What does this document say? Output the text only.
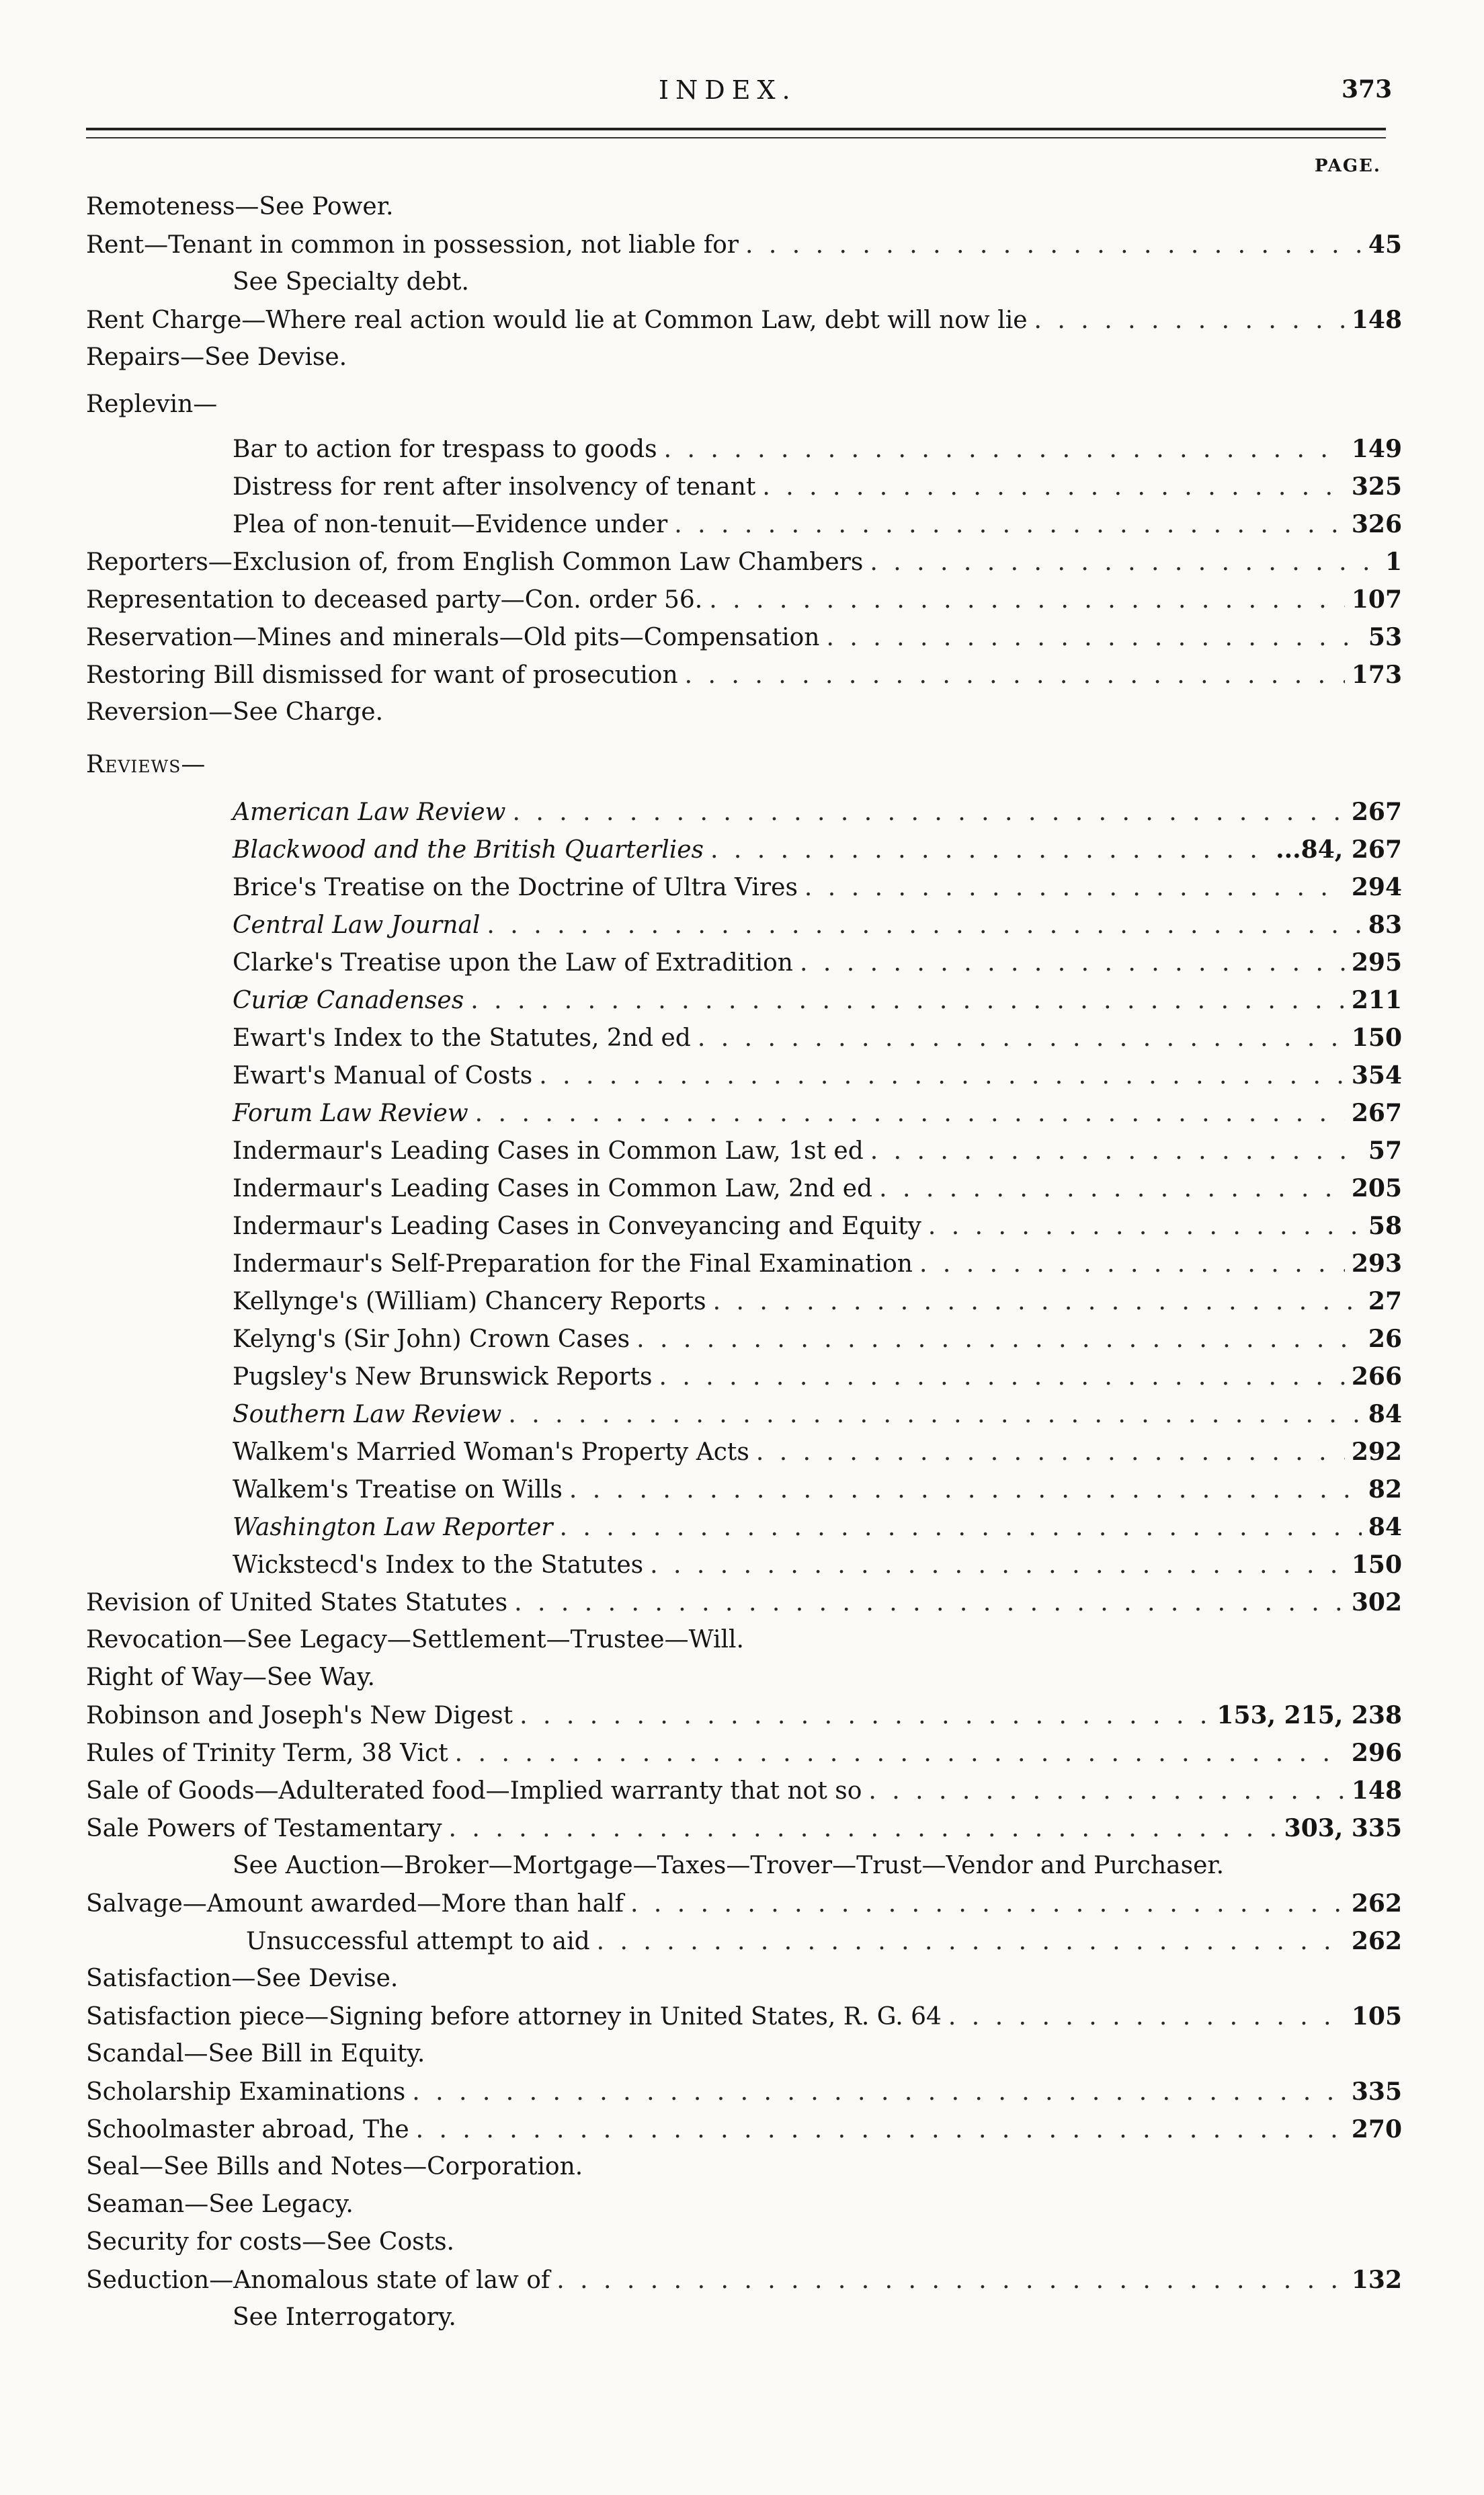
INDEX.	373
PAGE.
Remoteness—See Power.
Rent—Tenant in common in possession, not liable for . . .	45
See Specialty debt.
Rent Charge—Where real action would lie at Common Law, debt will now lie . . .	148
Repairs—See Devise.
Replevin—
Bar to action for trespass to goods . . .	149
Distress for rent after insolvency of tenant . . .	325
Plea of non-tenuit—Evidence under . . .	326
Reporters—Exclusion of, from English Common Law Chambers . . .	1
Representation to deceased party—Con. order 56. . . .	107
Reservation—Mines and minerals—Old pits—Compensation . . .	53
Restoring Bill dismissed for want of prosecution . . .	173
Reversion—See Charge.
Reviews—
American Law Review . . .	267
Blackwood and the British Quarterlies . . .	...84, 267
Brice's Treatise on the Doctrine of Ultra Vires . . .	294
Central Law Journal . . .	83
Clarke's Treatise upon the Law of Extradition . . .	295
Curiæ Canadenses . . .	211
Ewart's Index to the Statutes, 2nd ed . . .	150
Ewart's Manual of Costs . . .	354
Forum Law Review . . .	267
Indermaur's Leading Cases in Common Law, 1st ed . . .	57
Indermaur's Leading Cases in Common Law, 2nd ed . . .	205
Indermaur's Leading Cases in Conveyancing and Equity . . .	58
Indermaur's Self-Preparation for the Final Examination . . .	293
Kellynge's (William) Chancery Reports . . .	27
Kelyng's (Sir John) Crown Cases . . .	26
Pugsley's New Brunswick Reports . . .	266
Southern Law Review . . .	84
Walkem's Married Woman's Property Acts . . .	292
Walkem's Treatise on Wills . . .	82
Washington Law Reporter . . .	84
Wickstecd's Index to the Statutes . . .	150
Revision of United States Statutes . . .	302
Revocation—See Legacy—Settlement—Trustee—Will.
Right of Way—See Way.
Robinson and Joseph's New Digest . . .	153, 215, 238
Rules of Trinity Term, 38 Vict . . .	296
Sale of Goods—Adulterated food—Implied warranty that not so . . .	148
Sale Powers of Testamentary . . .	303, 335
See Auction—Broker—Mortgage—Taxes—Trover—Trust—Vendor and Purchaser.
Salvage—Amount awarded—More than half . . .	262
Unsuccessful attempt to aid . . .	262
Satisfaction—See Devise.
Satisfaction piece—Signing before attorney in United States, R. G. 64 . . .	105
Scandal—See Bill in Equity.
Scholarship Examinations . . .	335
Schoolmaster abroad, The . . .	270
Seal—See Bills and Notes—Corporation.
Seaman—See Legacy.
Security for costs—See Costs.
Seduction—Anomalous state of law of . . .	132
See Interrogatory.
